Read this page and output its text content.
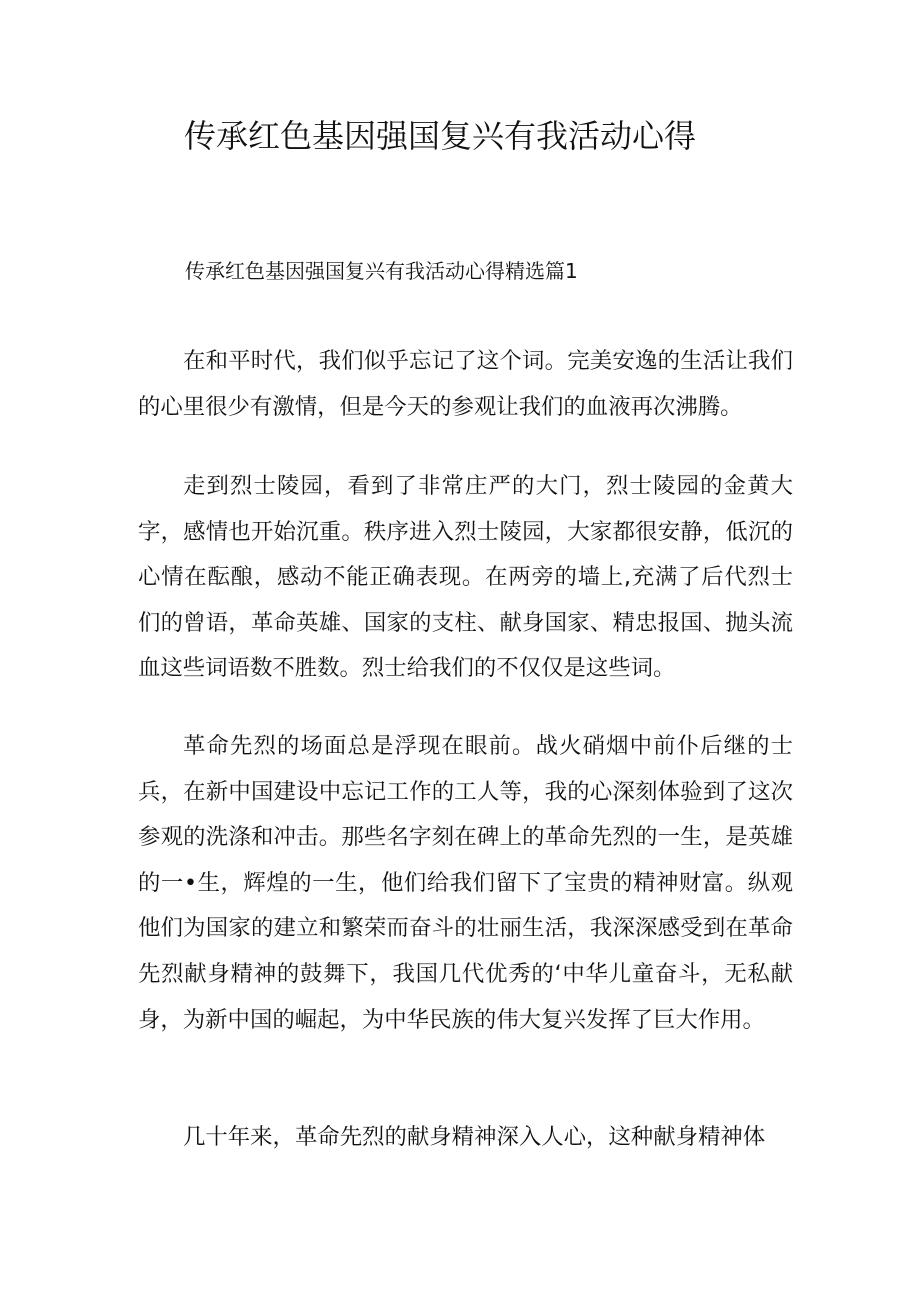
传承红色基因强国复兴有我活动心得

传承红色基因强国复兴有我活动心得精选篇1

在和平时代，我们似乎忘记了这个词。完美安逸的生活让我们的心里很少有激情，但是今天的参观让我们的血液再次沸腾。

走到烈士陵园，看到了非常庄严的大门，烈士陵园的金黄大字，感情也开始沉重。秩序进入烈士陵园，大家都很安静，低沉的心情在酝酿，感动不能正确表现。在两旁的墙上,充满了后代烈士们的曾语，革命英雄、国家的支柱、献身国家、精忠报国、抛头流血这些词语数不胜数。烈士给我们的不仅仅是这些词。

革命先烈的场面总是浮现在眼前。战火硝烟中前仆后继的士兵，在新中国建设中忘记工作的工人等，我的心深刻体验到了这次参观的洗涤和冲击。那些名字刻在碑上的革命先烈的一生，是英雄的一•生，辉煌的一生，他们给我们留下了宝贵的精神财富。纵观他们为国家的建立和繁荣而奋斗的壮丽生活，我深深感受到在革命先烈献身精神的鼓舞下，我国几代优秀的‘中华儿童奋斗，无私献身，为新中国的崛起，为中华民族的伟大复兴发挥了巨大作用。

几十年来，革命先烈的献身精神深入人心，这种献身精神体
